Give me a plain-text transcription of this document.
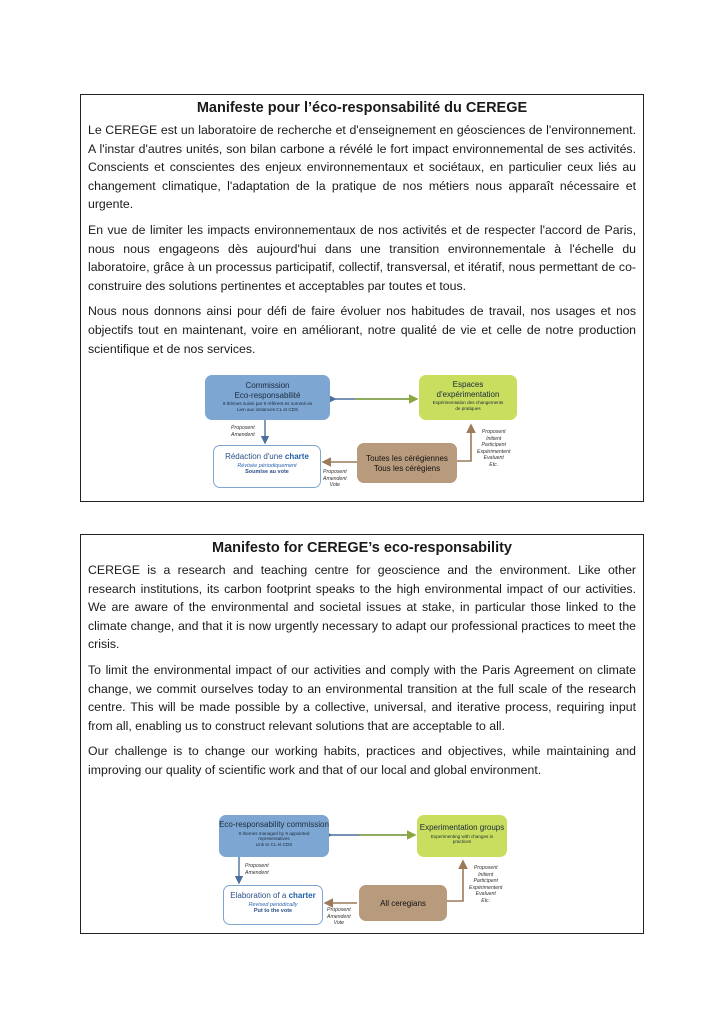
Manifeste pour l’éco-responsabilité du CEREGE

Le CEREGE est un laboratoire de recherche et d'enseignement en géosciences de l'environnement. A l'instar d'autres unités, son bilan carbone a révélé le fort impact environnemental de ses activités. Conscients et conscientes des enjeux environnementaux et sociétaux, en particulier ceux liés au changement climatique, l'adaptation de la pratique de nos métiers nous apparaît nécessaire et urgente.

En vue de limiter les impacts environnementaux de nos activités et de respecter l'accord de Paris, nous nous engageons dès aujourd'hui dans une transition environnementale à l'échelle du laboratoire, grâce à un processus participatif, collectif, transversal, et itératif, nous permettant de co-construire des solutions pertinentes et acceptables par toutes et tous.

Nous nous donnons ainsi pour défi de faire évoluer nos habitudes de travail, nos usages et nos objectifs tout en maintenant, voire en améliorant, notre qualité de vie et celle de notre production scientifique et de nos services.

Commission
Eco-responsabilité
9 thèmes suivis par 9 référent.es nommé.es
Lien aux instances CL et CDS
Espaces
d'expérimentation
Expérimentation des changements
de pratiques
Rédaction d'une charte
Révisée périodiquement
Soumise au vote
Toutes les cérégiennes
Tous les cérégiens
Proposent
Amendent
Proposent
Amendent
Vote
Proposent
Initient
Participent
Expérimentent
Evaluent
Etc.
Manifesto for CEREGE’s eco-responsability

CEREGE is a research and teaching centre for geoscience and the environment. Like other research institutions, its carbon footprint speaks to the high environmental impact of our activities. We are aware of the environmental and societal issues at stake, in particular those linked to the climate change, and that it is now urgently necessary to adapt our professional practices to meet the crisis.

To limit the environmental impact of our activities and comply with the Paris Agreement on climate change, we commit ourselves today to an environmental transition at the full scale of the research centre. This will be made possible by a collective, universal, and iterative process, requiring input from all, enabling us to construct relevant solutions that are acceptable to all.

Our challenge is to change our working habits, practices and objectives, while maintaining and improving our quality of scientific work and that of our local and global environment.

Eco-responsability commission
9 themes managed by 9 appointed
representatives
Link to CL et CDS
Experimentation groups
Experimenting with changes in
practices
Elaboration of a charter
Revised periodically
Put to the vote
All ceregians
Proposent
Amendent
Proposent
Amendent
Vote
Proposent
Initient
Participent
Expérimentent
Evaluent
Etc.
